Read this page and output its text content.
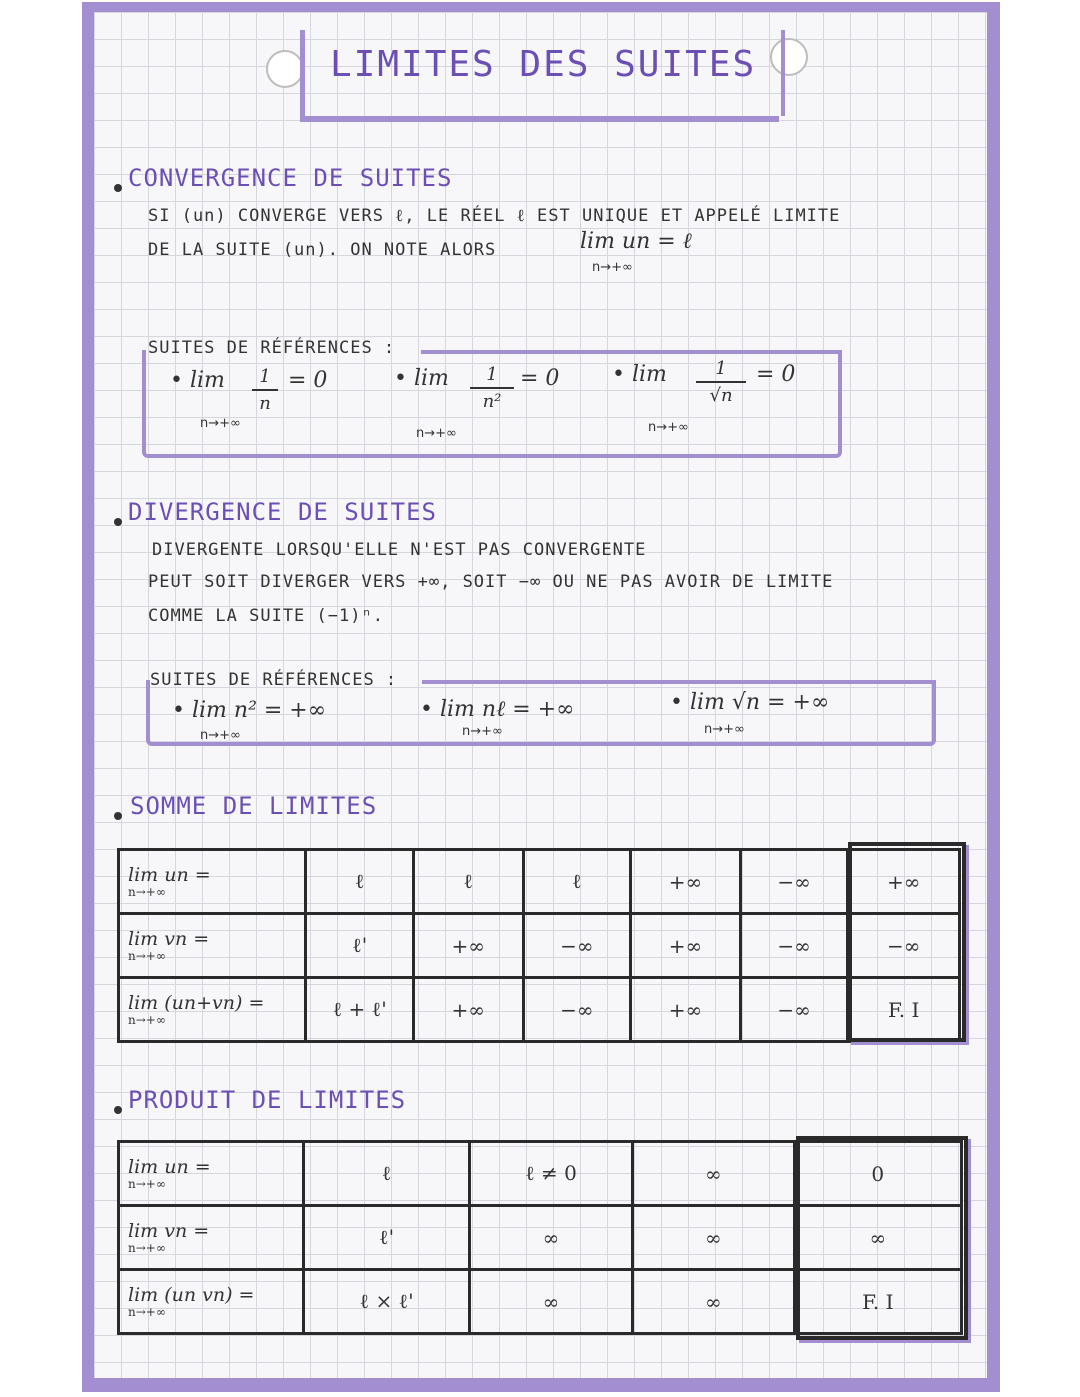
LIMITES DES SUITES
CONVERGENCE DE SUITES
SI (un) CONVERGE VERS ℓ, LE RÉEL ℓ EST UNIQUE ET APPELÉ LIMITE
DE LA SUITE (un). ON NOTE ALORS	lim un = ℓ
n→+∞
SUITES DE RÉFÉRENCES :
• lim	1
n
= 0
n→+∞
• lim	1
n²
= 0
n→+∞
• lim	1
√n
= 0
n→+∞
DIVERGENCE DE SUITES
DIVERGENTE LORSQU'ELLE N'EST PAS CONVERGENTE
PEUT SOIT DIVERGER VERS +∞, SOIT −∞ OU NE PAS AVOIR DE LIMITE
COMME LA SUITE (−1)ⁿ.
SUITES DE RÉFÉRENCES :
• lim n² = +∞
n→+∞
• lim nℓ = +∞
n→+∞
• lim √n = +∞
n→+∞
SOMME DE LIMITES
lim un =
n→+∞	ℓ	ℓ	ℓ	+∞	−∞	+∞
lim vn =
n→+∞	ℓ'	+∞	−∞	+∞	−∞	−∞
lim (un+vn) =
n→+∞	ℓ + ℓ'	+∞	−∞	+∞	−∞	F. I
PRODUIT DE LIMITES
lim un =
n→+∞	ℓ	ℓ ≠ 0	∞	0
lim vn =
n→+∞	ℓ'	∞	∞	∞
lim (un vn) =
n→+∞	ℓ × ℓ'	∞	∞	F. I
